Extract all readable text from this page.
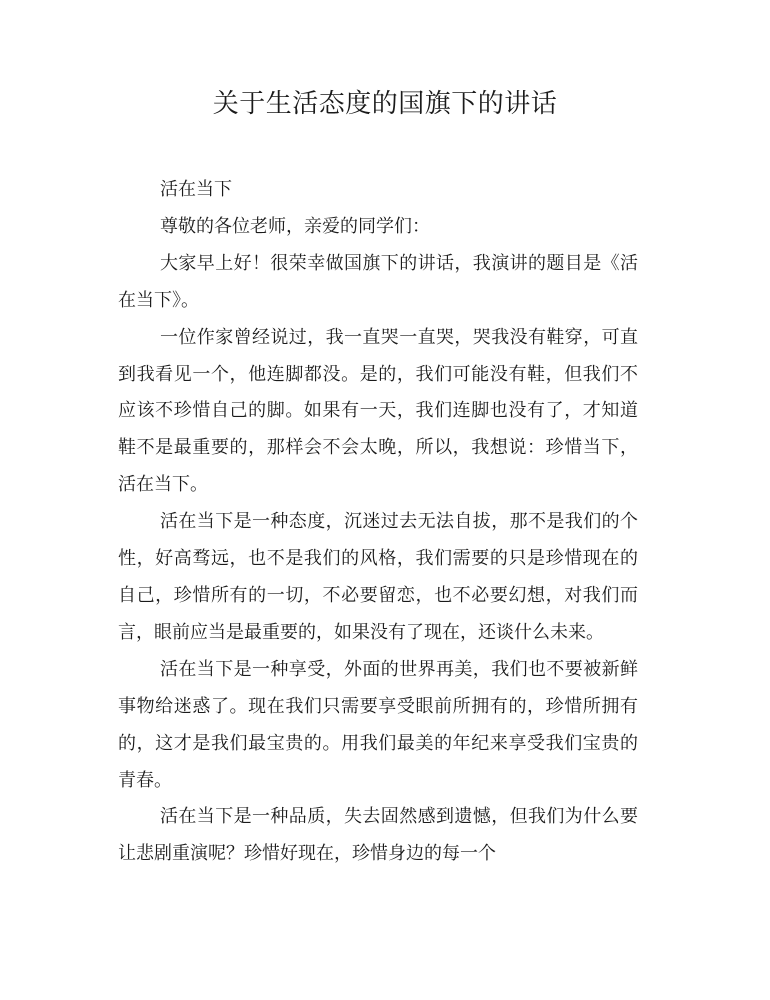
关于生活态度的国旗下的讲话

活在当下

尊敬的各位老师，亲爱的同学们：

大家早上好！很荣幸做国旗下的讲话，我演讲的题目是《活在当下》。

一位作家曾经说过，我一直哭一直哭，哭我没有鞋穿，可直到我看见一个，他连脚都没。是的，我们可能没有鞋，但我们不应该不珍惜自己的脚。如果有一天，我们连脚也没有了，才知道鞋不是最重要的，那样会不会太晚，所以，我想说：珍惜当下，活在当下。

活在当下是一种态度，沉迷过去无法自拔，那不是我们的个性，好高骛远，也不是我们的风格，我们需要的只是珍惜现在的自己，珍惜所有的一切，不必要留恋，也不必要幻想，对我们而言，眼前应当是最重要的，如果没有了现在，还谈什么未来。

活在当下是一种享受，外面的世界再美，我们也不要被新鲜事物给迷惑了。现在我们只需要享受眼前所拥有的，珍惜所拥有的，这才是我们最宝贵的。用我们最美的年纪来享受我们宝贵的青春。

活在当下是一种品质，失去固然感到遗憾，但我们为什么要让悲剧重演呢？珍惜好现在，珍惜身边的每一个
